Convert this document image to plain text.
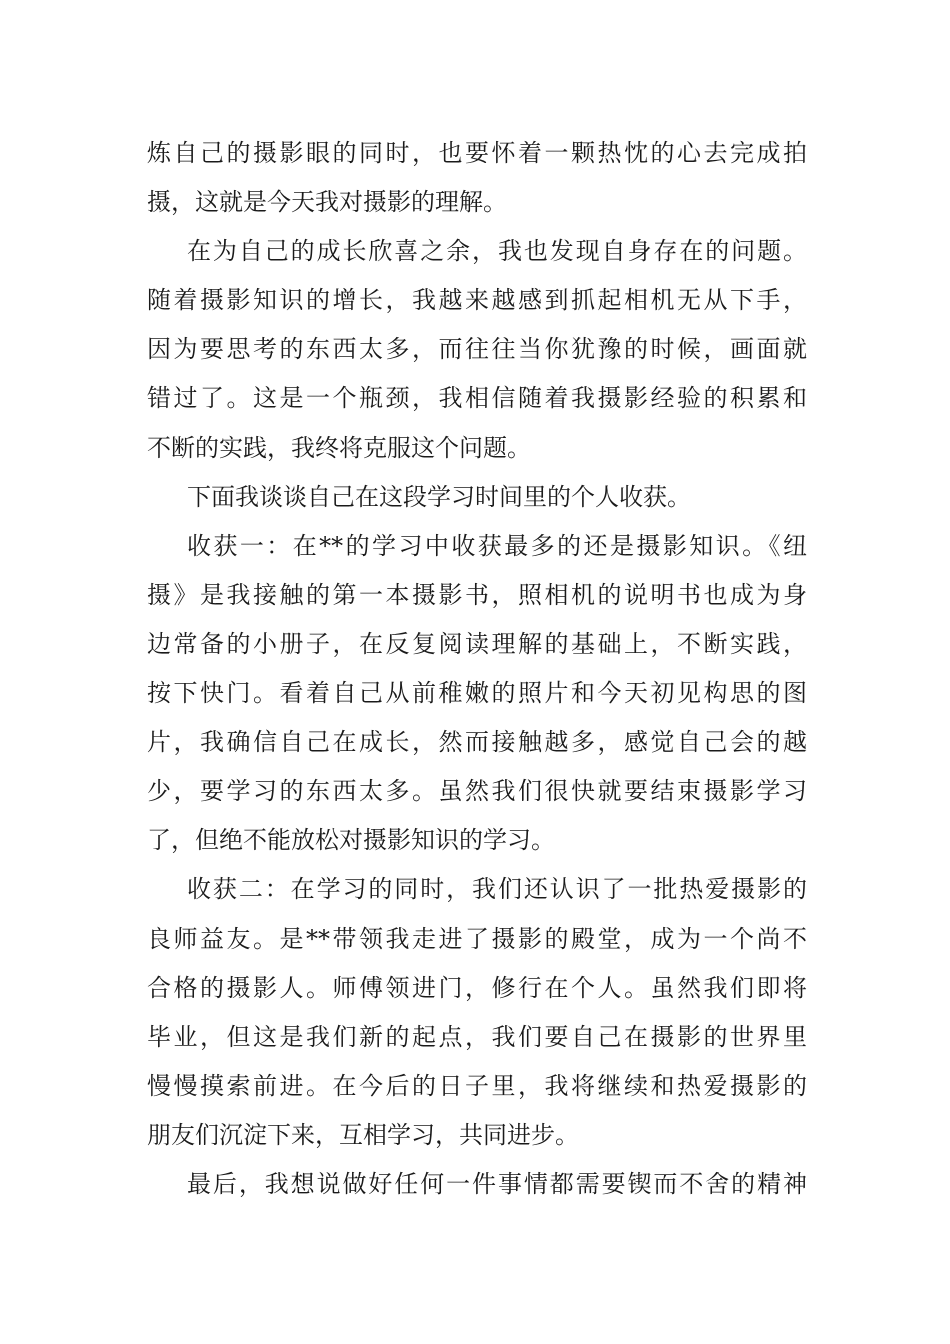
炼自己的摄影眼的同时，也要怀着一颗热忱的心去完成拍
摄，这就是今天我对摄影的理解。
在为自己的成长欣喜之余，我也发现自身存在的问题。
随着摄影知识的增长，我越来越感到抓起相机无从下手，
因为要思考的东西太多，而往往当你犹豫的时候，画面就
错过了。这是一个瓶颈，我相信随着我摄影经验的积累和
不断的实践，我终将克服这个问题。
下面我谈谈自己在这段学习时间里的个人收获。
收获一：在**的学习中收获最多的还是摄影知识。《纽
摄》是我接触的第一本摄影书，照相机的说明书也成为身
边常备的小册子，在反复阅读理解的基础上，不断实践，
按下快门。看着自己从前稚嫩的照片和今天初见构思的图
片，我确信自己在成长，然而接触越多，感觉自己会的越
少，要学习的东西太多。虽然我们很快就要结束摄影学习
了，但绝不能放松对摄影知识的学习。
收获二：在学习的同时，我们还认识了一批热爱摄影的
良师益友。是**带领我走进了摄影的殿堂，成为一个尚不
合格的摄影人。师傅领进门，修行在个人。虽然我们即将
毕业，但这是我们新的起点，我们要自己在摄影的世界里
慢慢摸索前进。在今后的日子里，我将继续和热爱摄影的
朋友们沉淀下来，互相学习，共同进步。
最后，我想说做好任何一件事情都需要锲而不舍的精神
